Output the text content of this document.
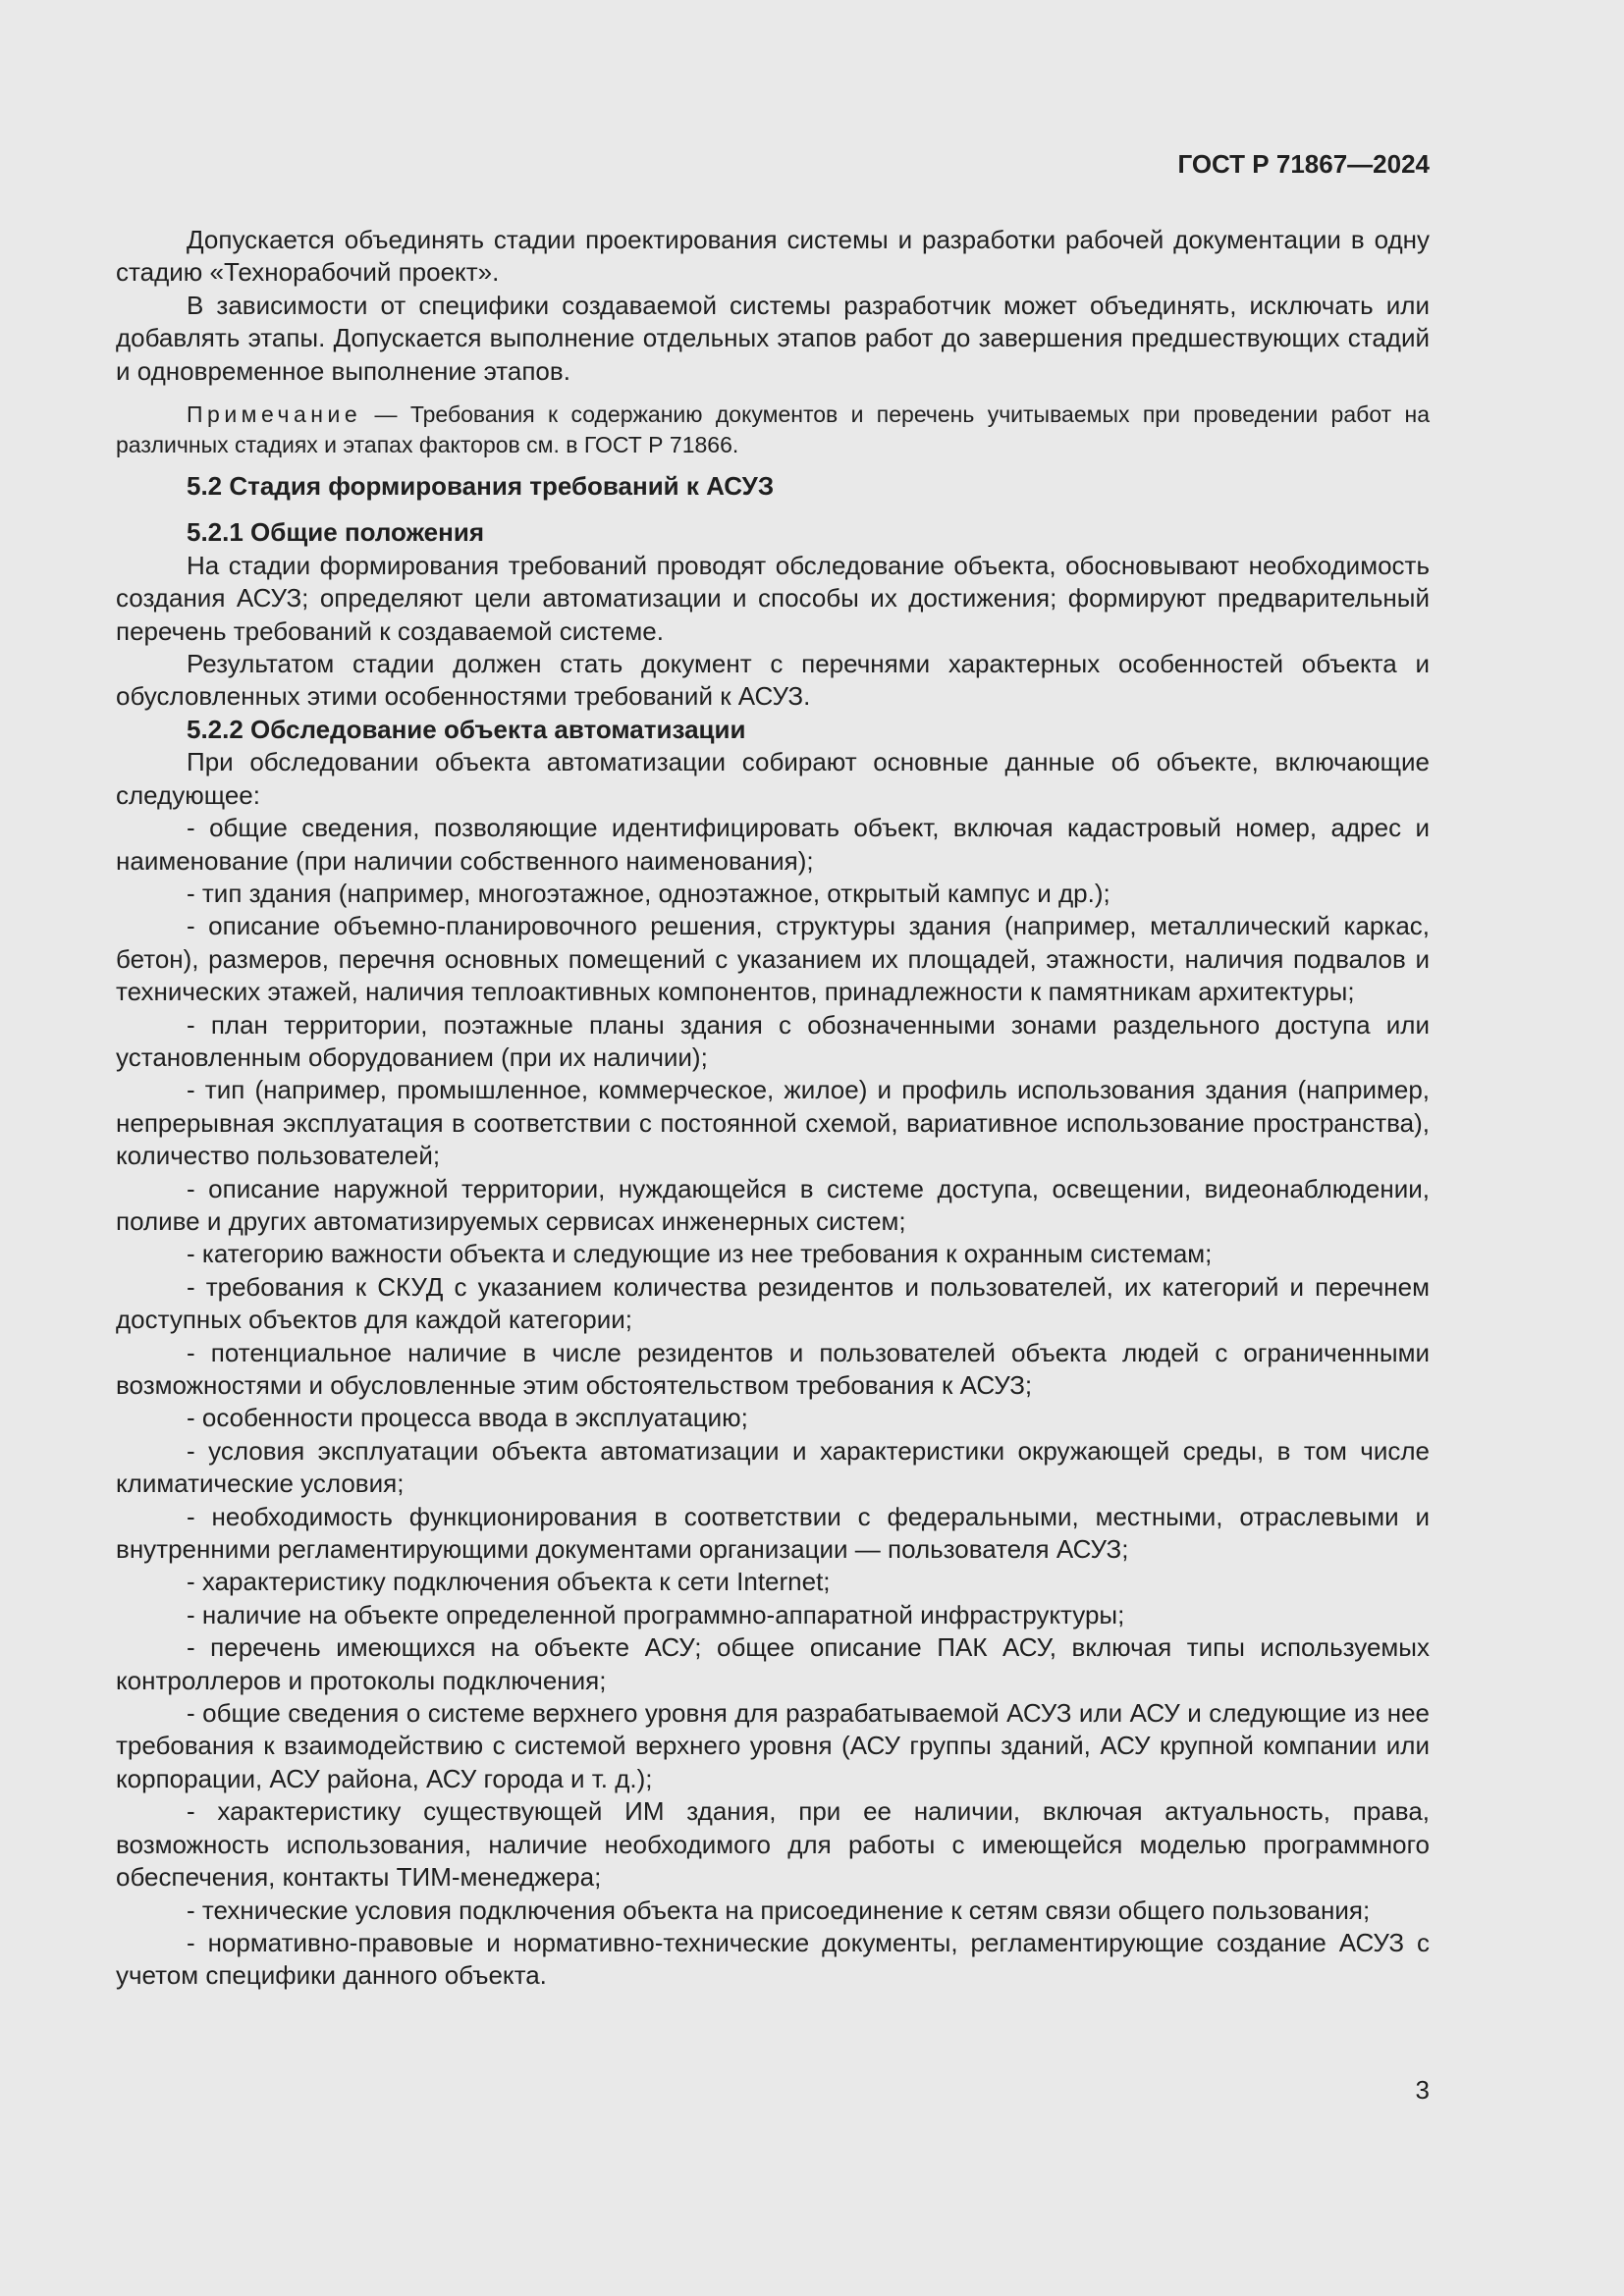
ГОСТ Р 71867—2024

Допускается объединять стадии проектирования системы и разработки рабочей документации в одну стадию «Технорабочий проект».

В зависимости от специфики создаваемой системы разработчик может объединять, исключать или добавлять этапы. Допускается выполнение отдельных этапов работ до завершения предшествующих стадий и одновременное выполнение этапов.

Примечание — Требования к содержанию документов и перечень учитываемых при проведении работ на различных стадиях и этапах факторов см. в ГОСТ Р 71866.

5.2 Стадия формирования требований к АСУЗ

5.2.1 Общие положения

На стадии формирования требований проводят обследование объекта, обосновывают необходимость создания АСУЗ; определяют цели автоматизации и способы их достижения; формируют предварительный перечень требований к создаваемой системе.

Результатом стадии должен стать документ с перечнями характерных особенностей объекта и обусловленных этими особенностями требований к АСУЗ.

5.2.2 Обследование объекта автоматизации

При обследовании объекта автоматизации собирают основные данные об объекте, включающие следующее:

- общие сведения, позволяющие идентифицировать объект, включая кадастровый номер, адрес и наименование (при наличии собственного наименования);

- тип здания (например, многоэтажное, одноэтажное, открытый кампус и др.);

- описание объемно-планировочного решения, структуры здания (например, металлический каркас, бетон), размеров, перечня основных помещений с указанием их площадей, этажности, наличия подвалов и технических этажей, наличия теплоактивных компонентов, принадлежности к памятникам архитектуры;

- план территории, поэтажные планы здания с обозначенными зонами раздельного доступа или установленным оборудованием (при их наличии);

- тип (например, промышленное, коммерческое, жилое) и профиль использования здания (например, непрерывная эксплуатация в соответствии с постоянной схемой, вариативное использование пространства), количество пользователей;

- описание наружной территории, нуждающейся в системе доступа, освещении, видеонаблюдении, поливе и других автоматизируемых сервисах инженерных систем;

- категорию важности объекта и следующие из нее требования к охранным системам;

- требования к СКУД с указанием количества резидентов и пользователей, их категорий и перечнем доступных объектов для каждой категории;

- потенциальное наличие в числе резидентов и пользователей объекта людей с ограниченными возможностями и обусловленные этим обстоятельством требования к АСУЗ;

- особенности процесса ввода в эксплуатацию;

- условия эксплуатации объекта автоматизации и характеристики окружающей среды, в том числе климатические условия;

- необходимость функционирования в соответствии с федеральными, местными, отраслевыми и внутренними регламентирующими документами организации — пользователя АСУЗ;

- характеристику подключения объекта к сети Internet;

- наличие на объекте определенной программно-аппаратной инфраструктуры;

- перечень имеющихся на объекте АСУ; общее описание ПАК АСУ, включая типы используемых контроллеров и протоколы подключения;

- общие сведения о системе верхнего уровня для разрабатываемой АСУЗ или АСУ и следующие из нее требования к взаимодействию с системой верхнего уровня (АСУ группы зданий, АСУ крупной компании или корпорации, АСУ района, АСУ города и т. д.);

- характеристику существующей ИМ здания, при ее наличии, включая актуальность, права, возможность использования, наличие необходимого для работы с имеющейся моделью программного обеспечения, контакты ТИМ-менеджера;

- технические условия подключения объекта на присоединение к сетям связи общего пользования;

- нормативно-правовые и нормативно-технические документы, регламентирующие создание АСУЗ с учетом специфики данного объекта.

3
